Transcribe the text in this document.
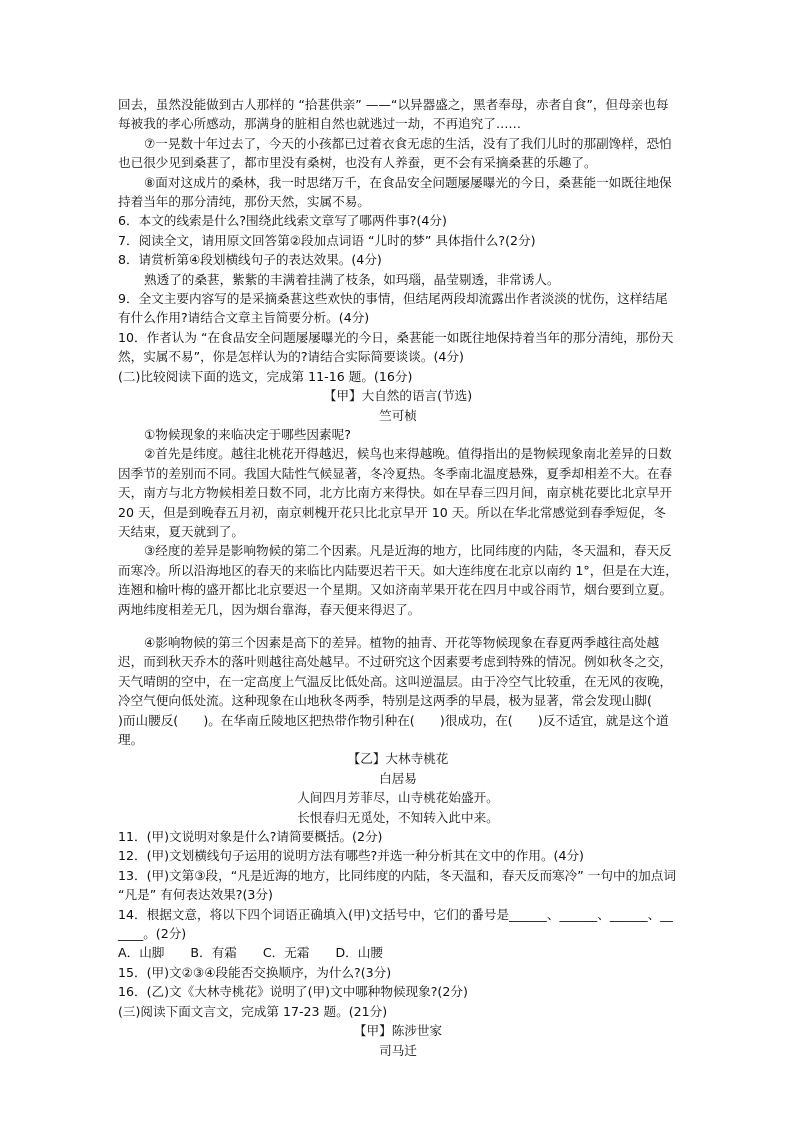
回去，虽然没能做到古人那样的 “拾葚供亲” ——“以异器盛之，黑者奉母，赤者自食”，但母亲也每每被我的孝心所感动，那满身的脏相自然也就逃过一劫，不再追究了……

⑦一晃数十年过去了，今天的小孩都已过着衣食无虑的生活，没有了我们儿时的那副馋样，恐怕也已很少见到桑葚了，都市里没有桑树，也没有人养蚕，更不会有采摘桑葚的乐趣了。

⑧面对这成片的桑林，我一时思绪万千，在食品安全问题屡屡曝光的今日，桑葚能一如既往地保持着当年的那分清纯，那份天然，实属不易。

6．本文的线索是什么?围绕此线索文章写了哪两件事?(4分)

7．阅读全文，请用原文回答第②段加点词语 “儿时的梦” 具体指什么?(2分)

8．请赏析第④段划横线句子的表达效果。(4分)

熟透了的桑葚，紫紫的丰满着挂满了枝条，如玛瑙，晶莹剔透，非常诱人。

9．全文主要内容写的是采摘桑葚这些欢快的事情，但结尾两段却流露出作者淡淡的忧伤，这样结尾有什么作用?请结合文章主旨简要分析。(4分)

10．作者认为 “在食品安全问题屡屡曝光的今日，桑葚能一如既往地保持着当年的那分清纯，那份天然，实属不易”，你是怎样认为的?请结合实际简要谈谈。(4分)

(二)比较阅读下面的选文，完成第 11-16 题。(16分)

【甲】大自然的语言(节选)

竺可桢

①物候现象的来临决定于哪些因素呢?

②首先是纬度。越往北桃花开得越迟，候鸟也来得越晚。值得指出的是物候现象南北差异的日数因季节的差别而不同。我国大陆性气候显著，冬冷夏热。冬季南北温度悬殊，夏季却相差不大。在春天，南方与北方物候相差日数不同，北方比南方来得快。如在早春三四月间，南京桃花要比北京早开 20 天，但是到晚春五月初，南京刺槐开花只比北京早开 10 天。所以在华北常感觉到春季短促，冬天结束，夏天就到了。

③经度的差异是影响物候的第二个因素。凡是近海的地方，比同纬度的内陆，冬天温和，春天反而寒冷。所以沿海地区的春天的来临比内陆要迟若干天。如大连纬度在北京以南约 1°，但是在大连，连翘和榆叶梅的盛开都比北京要迟一个星期。又如济南苹果开花在四月中或谷雨节，烟台要到立夏。两地纬度相差无几，因为烟台靠海，春天便来得迟了。

④影响物候的第三个因素是高下的差异。植物的抽青、开花等物候现象在春夏两季越往高处越迟，而到秋天乔木的落叶则越往高处越早。不过研究这个因素要考虑到特殊的情况。例如秋冬之交，天气晴朗的空中，在一定高度上气温反比低处高。这叫逆温层。由于冷空气比较重，在无风的夜晚，冷空气便向低处流。这种现象在山地秋冬两季，特别是这两季的早晨，极为显著，常会发现山脚(　　)而山腰反(　　)。在华南丘陵地区把热带作物引种在(　　)很成功，在(　　)反不适宜，就是这个道理。

【乙】大林寺桃花

白居易

人间四月芳菲尽，山寺桃花始盛开。

长恨春归无觅处，不知转入此中来。

11．(甲)文说明对象是什么?请简要概括。(2分)

12．(甲)文划横线句子运用的说明方法有哪些?并选一种分析其在文中的作用。(4分)

13．(甲)文第③段，“凡是近海的地方，比同纬度的内陆，冬天温和，春天反而寒冷” 一句中的加点词 “凡是” 有何表达效果?(3分)

14．根据文意，将以下四个词语正确填入(甲)文括号中，它们的番号是______、______、______、______。(2分)

A．山脚 B．有霜 C．无霜 D．山腰

15．(甲)文②③④段能否交换顺序，为什么?(3分)

16．(乙)文《大林寺桃花》说明了(甲)文中哪种物候现象?(2分)

(三)阅读下面文言文，完成第 17-23 题。(21分)

【甲】陈涉世家

司马迁
